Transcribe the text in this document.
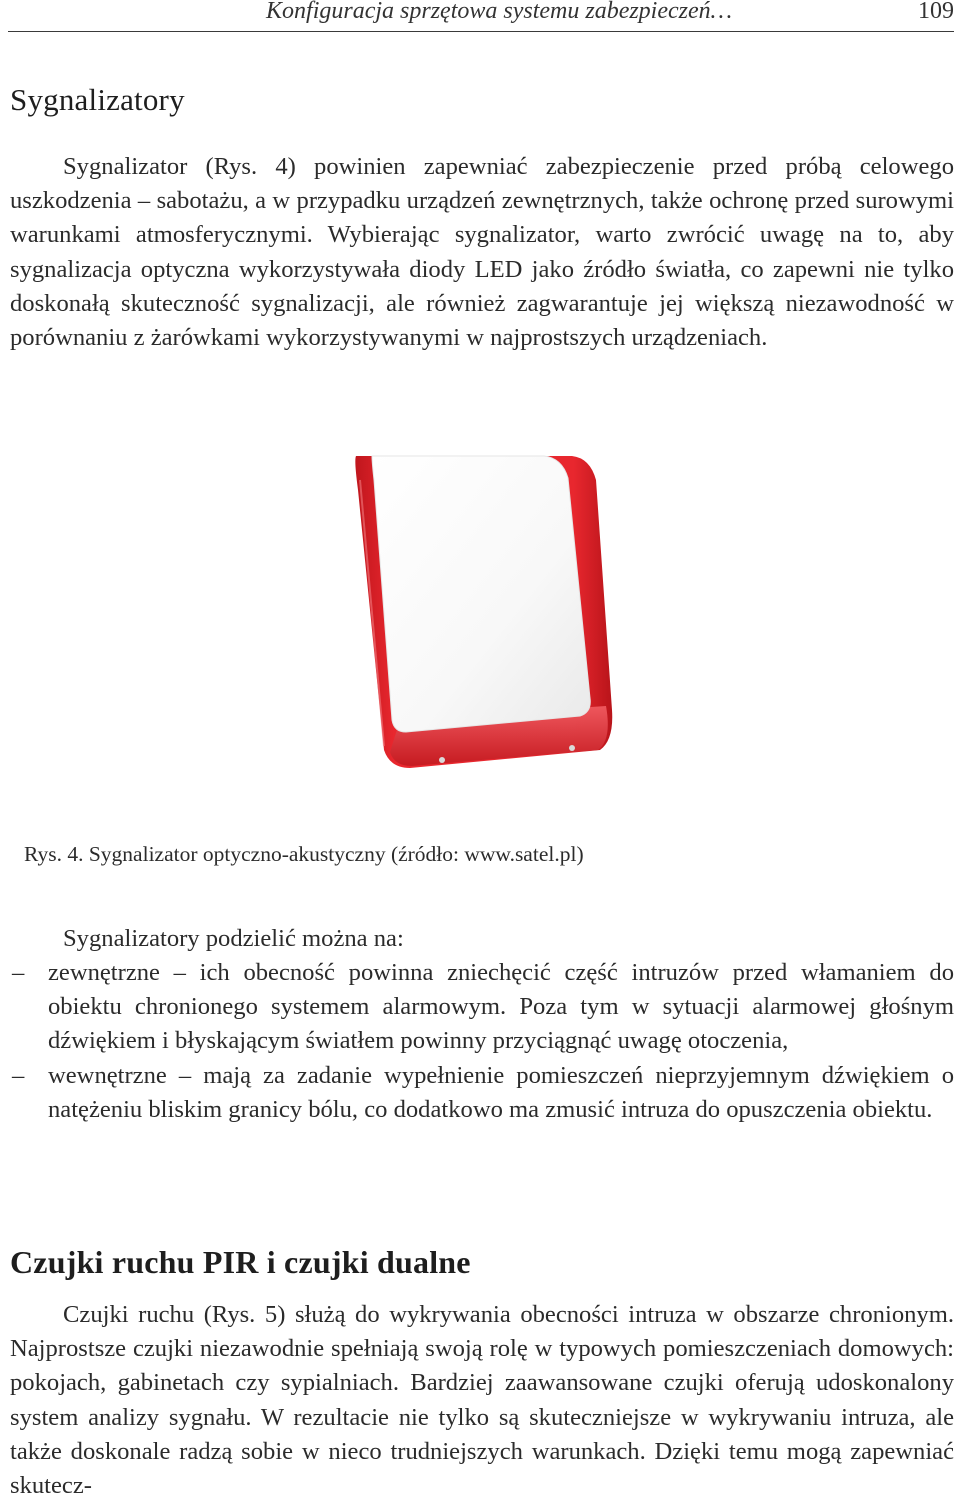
Konfiguracja sprzętowa systemu zabezpieczeń…	109
Sygnalizatory

Sygnalizator (Rys. 4) powinien zapewniać zabezpieczenie przed próbą celowego uszkodzenia – sabotażu, a w przypadku urządzeń zewnętrznych, także ochronę przed surowymi warunkami atmosferycznymi. Wybierając sygnalizator, warto zwrócić uwagę na to, aby sygnalizacja optyczna wykorzystywała diody LED jako źródło światła, co zapewni nie tylko doskonałą skuteczność sygnalizacji, ale również zagwarantuje jej większą niezawodność w porównaniu z żarówkami wykorzystywanymi w najprostszych urządzeniach.

Rys. 4. Sygnalizator optyczno-akustyczny (źródło: www.satel.pl)

Sygnalizatory podzielić można na:

– zewnętrzne – ich obecność powinna zniechęcić część intruzów przed włamaniem do obiektu chronionego systemem alarmowym. Poza tym w sytuacji alarmowej głośnym dźwiękiem i błyskającym światłem powinny przyciągnąć uwagę otoczenia,
– wewnętrzne – mają za zadanie wypełnienie pomieszczeń nieprzyjemnym dźwiękiem o natężeniu bliskim granicy bólu, co dodatkowo ma zmusić intruza do opuszczenia obiektu.
Czujki ruchu PIR i czujki dualne

Czujki ruchu (Rys. 5) służą do wykrywania obecności intruza w obszarze chronionym. Najprostsze czujki niezawodnie spełniają swoją rolę w typowych pomieszczeniach domowych: pokojach, gabinetach czy sypialniach. Bardziej zaawansowane czujki oferują udoskonalony system analizy sygnału. W rezultacie nie tylko są skuteczniejsze w wykrywaniu intruza, ale także doskonale radzą sobie w nieco trudniejszych warunkach. Dzięki temu mogą zapewniać skutecz-
